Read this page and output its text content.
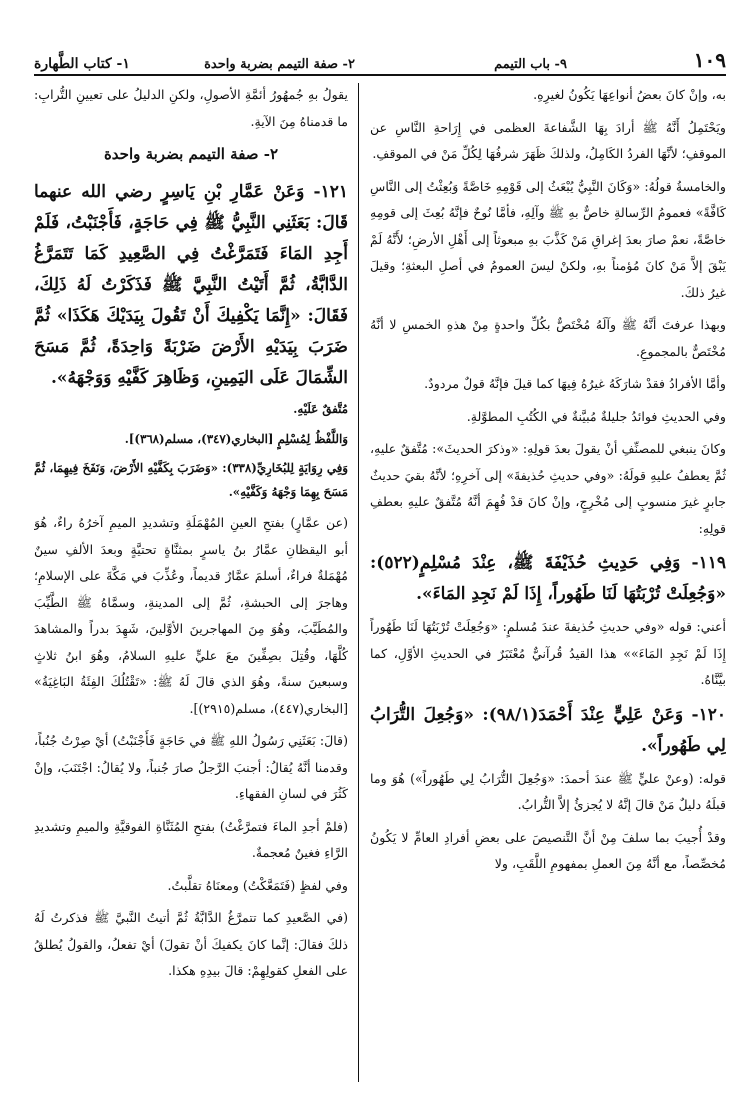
١٠٩
٩- باب التيمم
٢- صفة التيمم بضربة واحدة
١- كتاب الطَّهارة

به، وإنْ كانَ بعضُ أنواعِهَا يَكُونُ لغيرِهِ.

ويَحْتَمِلُ أَنَّهُ ﷺ أرادَ بِهَا الشَّفاعةَ العظمى في إِرَاحةِ النَّاسِ عن الموقفِ؛ لأنَّهَا الفردُ الكَامِلُ، ولذلكَ ظَهَرَ شرفُهَا لِكُلِّ مَنْ في الموقفِ.

والخامسةُ قولُهُ: «وَكَانَ النَّبِيُّ يُبْعَثُ إلى قَوْمِهِ خَاصَّةً وَبُعِثْتُ إلى النَّاسِ كَافَّةً» فعمومُ الرِّسالةِ خاصٌّ بهِ ﷺ وآلِهِ، فأمَّا نُوحٌ فإنَّهُ بُعِثَ إلى قومِهِ خاصَّةً، نعمْ صارَ بعدَ إغراقِ مَنْ كَذَّبَ بهِ مبعوثاً إلى أَهْلِ الأرضِ؛ لأَنَّهُ لَمْ يَبْقَ إلاَّ مَنْ كانَ مُؤمناً بهِ، ولكنْ ليسَ العمومُ في أصلِ البعثةِ؛ وقيلَ غيرُ ذلكَ.

وبهذا عرفتَ أنَّهُ ﷺ وآلَهُ مُخْتَصٌّ بكُلِّ واحدةٍ مِنْ هذهِ الخمسِ لا أنَّهُ مُخْتَصٌّ بالمجموعِ.

وأمَّا الأفرادُ فقدْ شارَكَهُ غيرُهُ فِيهَا كما قيلَ فإنَّهُ قولٌ مردودٌ.

وفي الحديثِ فوائدُ جليلةٌ مُبيَّنةٌ في الكُتُبِ المطوَّلةِ.

وكانَ ينبغي للمصنِّفِ أنْ يقولَ بعدَ قولِهِ: «وذكرَ الحديثَ»: مُتَّفقٌ عليهِ، ثُمَّ يعطفُ عليهِ قولَهُ: «وفي حديثِ حُذيفةَ» إلى آخرِهِ؛ لأنَّهُ بقيَ حديثٌ جابرٍ غيرَ منسوبٍ إلى مُخْرِجٍ، وإنْ كانَ قدْ فُهِمَ أنَّهُ مُتَّفقٌ عليهِ بعطفِ قولِهِ:

١١٩- وَفِي حَدِيثِ حُذَيْفَةَ ﷺ، عِنْدَ مُسْلِمٍ(٥٢٢): «وَجُعِلَتْ تُرْبَتُهَا لَنَا طَهُوراً، إِذَا لَمْ نَجِدِ المَاءَ».

أعني: قوله «وفي حديثِ حُذيفةَ عندَ مُسلمٍ: «وَجُعِلَتْ تُرْبَتُهَا لَنَا طَهُوراً إِذَا لَمْ نَجِدِ المَاءَ»» هذا القيدُ قُرآنيٌّ مُعْتَبَرٌ في الحديثِ الأوَّلِ، كما بيَّنَّاهُ.

١٢٠- وَعَنْ عَلِيٍّ عِنْدَ أَحْمَدَ(٩٨/١): «وَجُعِلَ التُّرَابُ لِي طَهُوراً».

قوله: (وعنْ عليٍّ ﷺ عندَ أحمدَ: «وَجُعِلَ التُّرَابُ لِي طَهُوراً») هُوَ وما قبلَهُ دليلٌ مَنْ قالَ إنَّهُ لا يُجزئُ إلاَّ التُّرابُ.

وقدْ أُجيبَ بما سلفَ مِنْ أنَّ التَّنصيصَ على بعضِ أفرادِ العامِّ لا يَكُونُ مُخصِّصاً، مع أنَّهُ مِنَ العملِ بمفهومِ اللَّقَبِ، ولا

يقولُ بهِ جُمهُورُ أئمَّةِ الأصولِ، ولكنِ الدليلُ على تعيينِ التُّرابِ: ما قدمناهُ مِنَ الآيةِ.

٢- صفة التيمم بضربة واحدة

١٢١- وَعَنْ عَمَّارِ بْنِ يَاسِرٍ رضي الله عنهما قَالَ: بَعَثَنِي النَّبِيُّ ﷺ فِي حَاجَةٍ، فَأَجْنَبْتُ، فَلَمْ أَجِدِ المَاءَ فَتَمَرَّغْتُ فِي الصَّعِيدِ كَمَا تَتَمَرَّغُ الدَّابَّةُ، ثُمَّ أَتَيْتُ النَّبِيَّ ﷺ فَذَكَرْتُ لَهُ ذَلِكَ، فَقَالَ: «إِنَّمَا يَكْفِيكَ أَنْ تَقُولَ بِيَدَيْكَ هَكَذَا» ثُمَّ ضَرَبَ بِيَدَيْهِ الأَرْضَ ضَرْبَةً وَاحِدَةً، ثُمَّ مَسَحَ الشِّمَالَ عَلَى اليَمِينِ، وَظَاهِرَ كَفَّيْهِ وَوَجْهَهُ».

مُتَّفقٌ عَلَيْهِ.

وَاللَّفْظُ لِمُسْلِمٍ [البخاري(٣٤٧)، مسلم(٣٦٨)].

وَفِي رِوَايَةٍ لِلبُخَارِيِّ(٣٣٨): «وَضَرَبَ بِكَفَّيْهِ الأَرْضَ، وَنَفَخَ فِيهِمَا، ثُمَّ مَسَحَ بِهِمَا وَجْهَهُ وَكَفَّيْهِ».

(عن عمَّارٍ) بفتحِ العينِ المُهْمَلَةِ وتشديدِ الميمِ آخرُهُ راءٌ، هُوَ أبو اليقظانِ عمَّارُ بنُ ياسرٍ بمثنَّاةٍ تحتيَّةٍ وبعدَ الألفِ سينٌ مُهْمَلةٌ فراءٌ، أسلمَ عمَّارٌ قديماً، وعُذِّبَ في مَكَّةَ على الإسلامِ؛ وهاجرَ إلى الحبشةِ، ثُمَّ إلى المدينةِ، وسمَّاهُ ﷺ الطَّيِّبَ والمُطَيَّبَ، وهُوَ مِنَ المهاجرينَ الأوَّلينَ، شَهِدَ بدراً والمشاهدَ كُلَّهَا، وقُتِلَ بصِفِّينَ معَ عليٍّ عليهِ السلامُ، وهُوَ ابنُ ثلاثٍ وسبعينَ سنةً، وهُوَ الذي قالَ لَهُ ﷺ: «تَقْتُلُكَ الفِئَةُ البَاغِيَةُ» [البخاري(٤٤٧)، مسلم(٢٩١٥)].

(قالَ: بَعَثَنِي رَسُولُ اللهِ ﷺ في حَاجَةٍ فَأَجْنَبْتُ) أيْ صِرْتُ جُنُباً، وقدمنا أنَّهُ يُقالُ: أجنبَ الرَّجلُ صارَ جُنباً، ولا يُقالُ: اجْتَنَبَ، وإنْ كَثُرَ في لسانِ الفقهاءِ.

(فلمْ أجدِ الماءَ فتمرَّغْتُ) بفتحِ المُثَنَّاةِ الفوقيَّةِ والميمِ وتشديدِ الرَّاءِ فغينٌ مُعجمةٌ.

وفي لفظٍ (فَتَمَعَّكْتُ) ومعنَاهُ تقلَّبتُ.

(في الصَّعيدِ كما تتمرَّغُ الدَّابَّةُ ثُمَّ أتيتُ النَّبيَّ ﷺ فذكرتُ لَهُ ذلكَ فقالَ: إنَّما كانَ يكفيكَ أنْ تقولَ) أيْ تفعلُ، والقولُ يُطلقُ على الفعلِ كقولِهِمْ: قالَ بيدِهِ هكذا.
